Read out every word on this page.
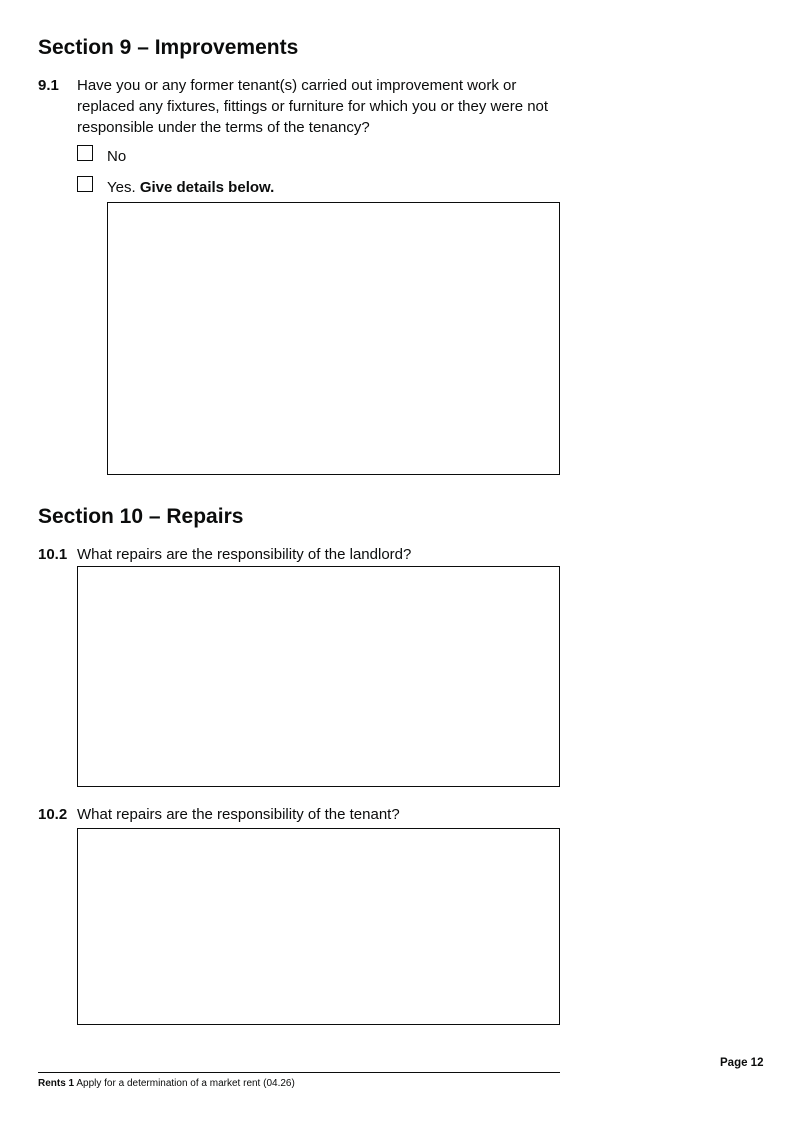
Section 9 – Improvements
9.1 Have you or any former tenant(s) carried out improvement work or replaced any fixtures, fittings or furniture for which you or they were not responsible under the terms of the tenancy?
No
Yes. Give details below.
Section 10 – Repairs
10.1 What repairs are the responsibility of the landlord?
10.2 What repairs are the responsibility of the tenant?
Page 12
Rents 1 Apply for a determination of a market rent (04.26)
